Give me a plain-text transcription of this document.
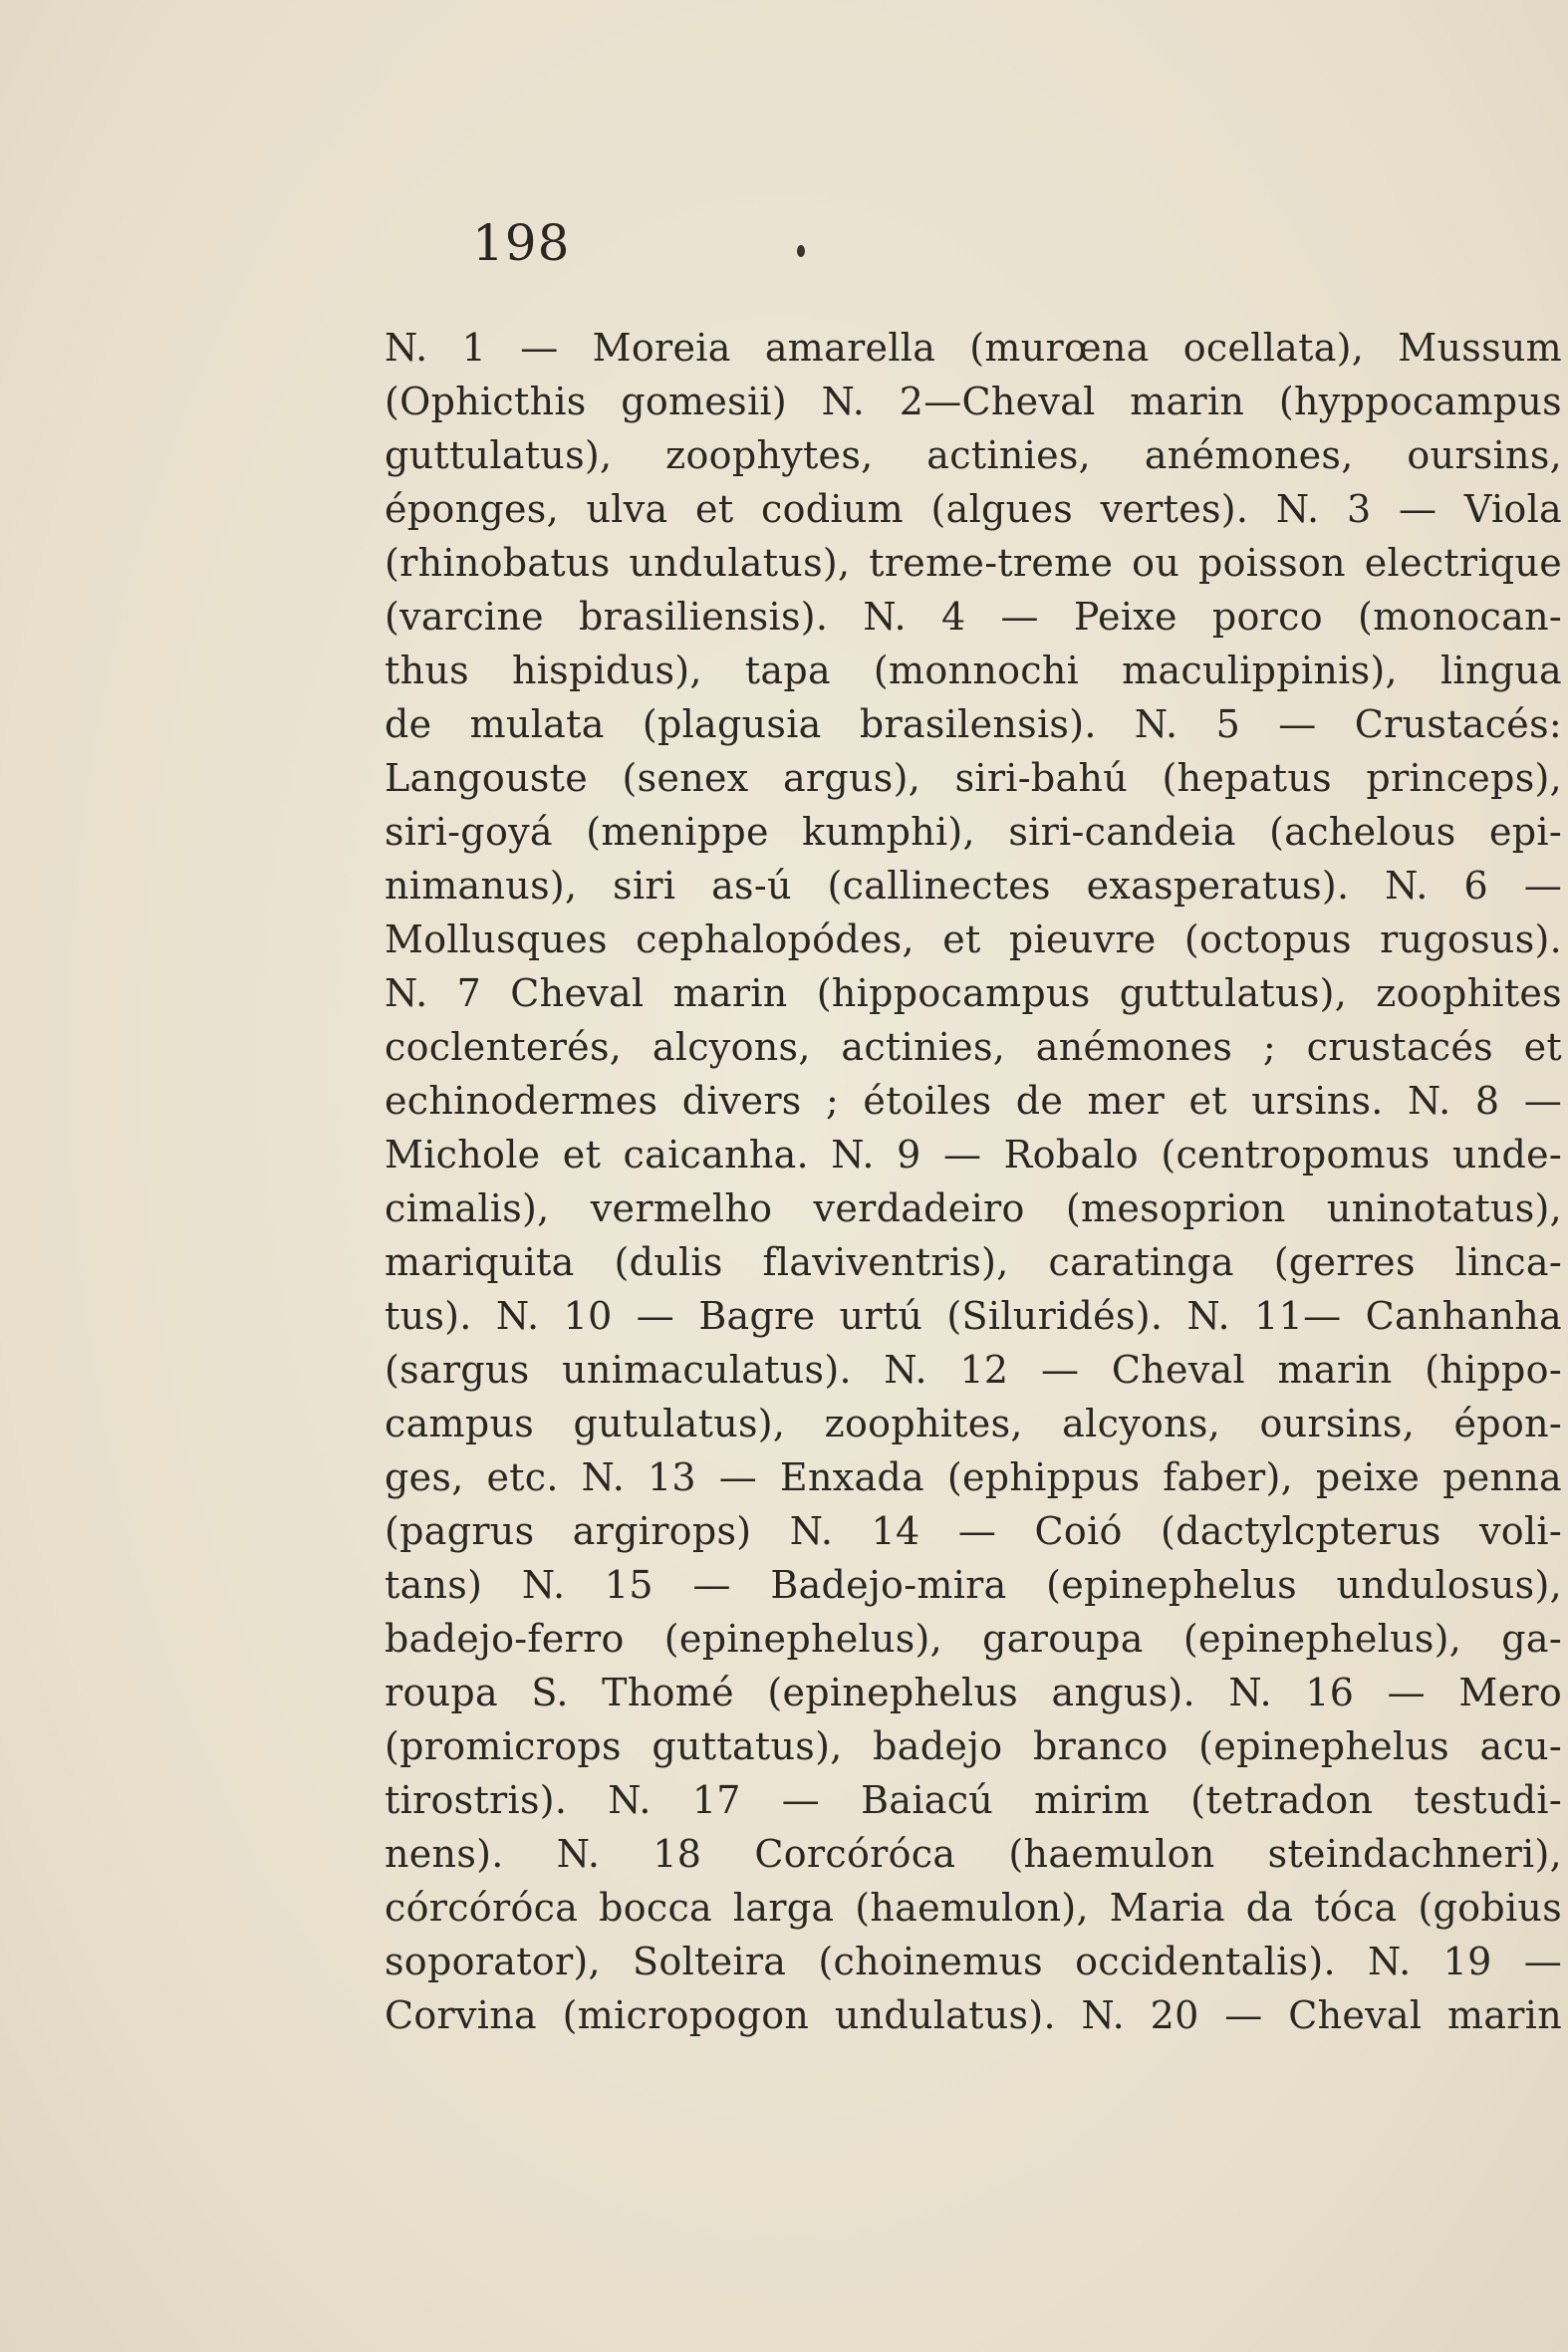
198
N. 1 — Moreia amarella (murœna ocellata), Mussum
(Ophicthis gomesii) N. 2—Cheval marin (hyppocampus
guttulatus), zoophytes, actinies, anémones, oursins,
éponges, ulva et codium (algues vertes). N. 3 — Viola
(rhinobatus undulatus), treme-treme ou poisson electrique
(varcine brasiliensis). N. 4 — Peixe porco (monocan-
thus hispidus), tapa (monnochi maculippinis), lingua
de mulata (plagusia brasilensis). N. 5 — Crustacés:
Langouste (senex argus), siri-bahú (hepatus princeps),
siri-goyá (menippe kumphi), siri-candeia (achelous epi-
nimanus), siri as-ú (callinectes exasperatus). N. 6 —
Mollusques cephalopódes, et pieuvre (octopus rugosus).
N. 7 Cheval marin (hippocampus guttulatus), zoophites
coclenterés, alcyons, actinies, anémones ; crustacés et
echinodermes divers ; étoiles de mer et ursins. N. 8 —
Michole et caicanha. N. 9 — Robalo (centropomus unde-
cimalis), vermelho verdadeiro (mesoprion uninotatus),
mariquita (dulis flaviventris), caratinga (gerres linca-
tus). N. 10 — Bagre urtú (Siluridés). N. 11— Canhanha
(sargus unimaculatus). N. 12 — Cheval marin (hippo-
campus gutulatus), zoophites, alcyons, oursins, épon-
ges, etc. N. 13 — Enxada (ephippus faber), peixe penna
(pagrus argirops) N. 14 — Coió (dactylcpterus voli-
tans) N. 15 — Badejo-mira (epinephelus undulosus),
badejo-ferro (epinephelus), garoupa (epinephelus), ga-
roupa S. Thomé (epinephelus angus). N. 16 — Mero
(promicrops guttatus), badejo branco (epinephelus acu-
tirostris). N. 17 — Baiacú mirim (tetradon testudi-
nens). N. 18 Corcóróca (haemulon steindachneri),
córcóróca bocca larga (haemulon), Maria da tóca (gobius
soporator), Solteira (choinemus occidentalis). N. 19 —
Corvina (micropogon undulatus). N. 20 — Cheval marin
